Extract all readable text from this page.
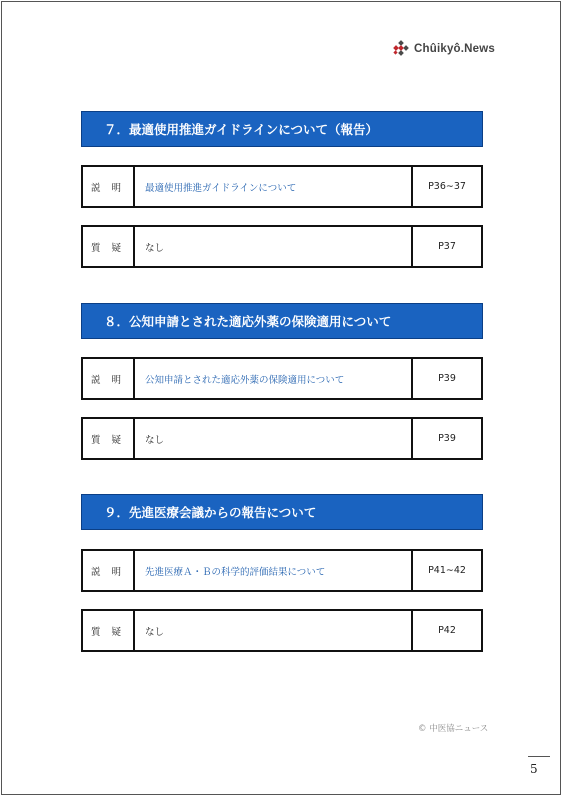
Chûikyô.News
７．最適使用推進ガイドラインについて（報告）
説 明	最適使用推進ガイドラインについて	P36∼37
質 疑	なし	P37
８．公知申請とされた適応外薬の保険適用について
説 明	公知申請とされた適応外薬の保険適用について	P39
質 疑	なし	P39
９．先進医療会議からの報告について
説 明	先進医療Ａ・Ｂの科学的評価結果について	P41∼42
質 疑	なし	P42
© 中医協ニュース
5
